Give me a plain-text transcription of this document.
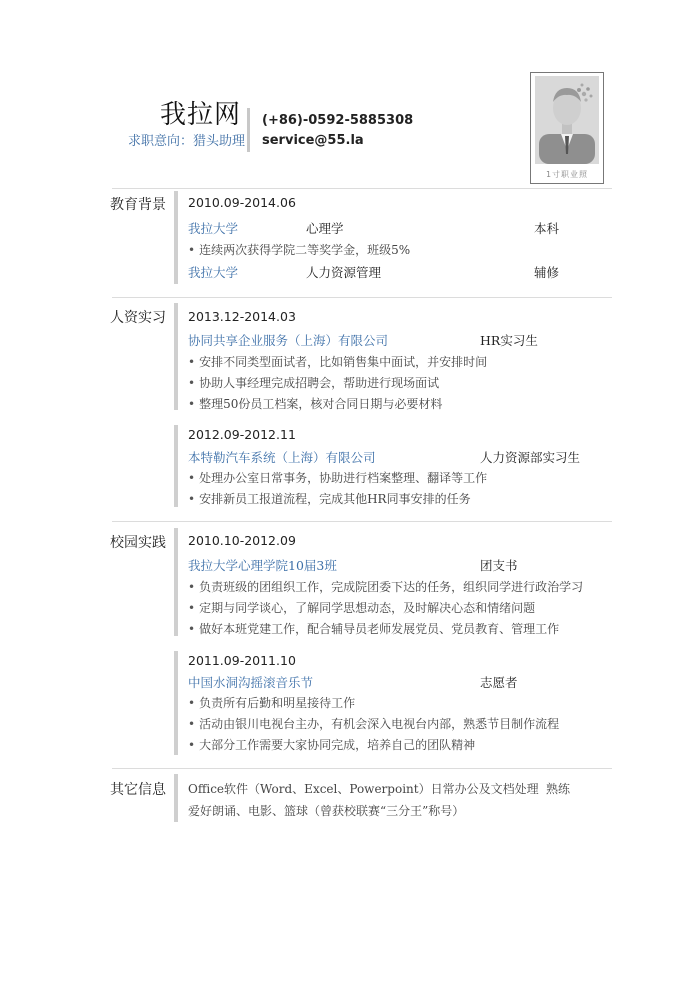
我拉网
求职意向：猎头助理
(+86)-0592-5885308
service@55.la
1寸职业照
教育背景 2010.09-2014.06
我拉大学	心理学	本科
• 连续两次获得学院二等奖学金，班级5%
我拉大学	人力资源管理	辅修
人资实习 2013.12-2014.03
协同共享企业服务（上海）有限公司	HR实习生
• 安排不同类型面试者，比如销售集中面试，并安排时间
• 协助人事经理完成招聘会，帮助进行现场面试
• 整理50份员工档案，核对合同日期与必要材料
2012.09-2012.11
本特勒汽车系统（上海）有限公司	人力资源部实习生
• 处理办公室日常事务，协助进行档案整理、翻译等工作
• 安排新员工报道流程，完成其他HR同事安排的任务
校园实践 2010.10-2012.09
我拉大学心理学院10届3班	团支书
• 负责班级的团组织工作，完成院团委下达的任务，组织同学进行政治学习
• 定期与同学谈心，了解同学思想动态，及时解决心态和情绪问题
• 做好本班党建工作，配合辅导员老师发展党员、党员教育、管理工作
2011.09-2011.10
中国水洞沟摇滚音乐节	志愿者
• 负责所有后勤和明星接待工作
• 活动由银川电视台主办，有机会深入电视台内部，熟悉节目制作流程
• 大部分工作需要大家协同完成，培养自己的团队精神
其它信息 Office软件（Word、Excel、Powerpoint）日常办公及文档处理 熟练
爱好朗诵、电影、篮球（曾获校联赛“三分王”称号）
